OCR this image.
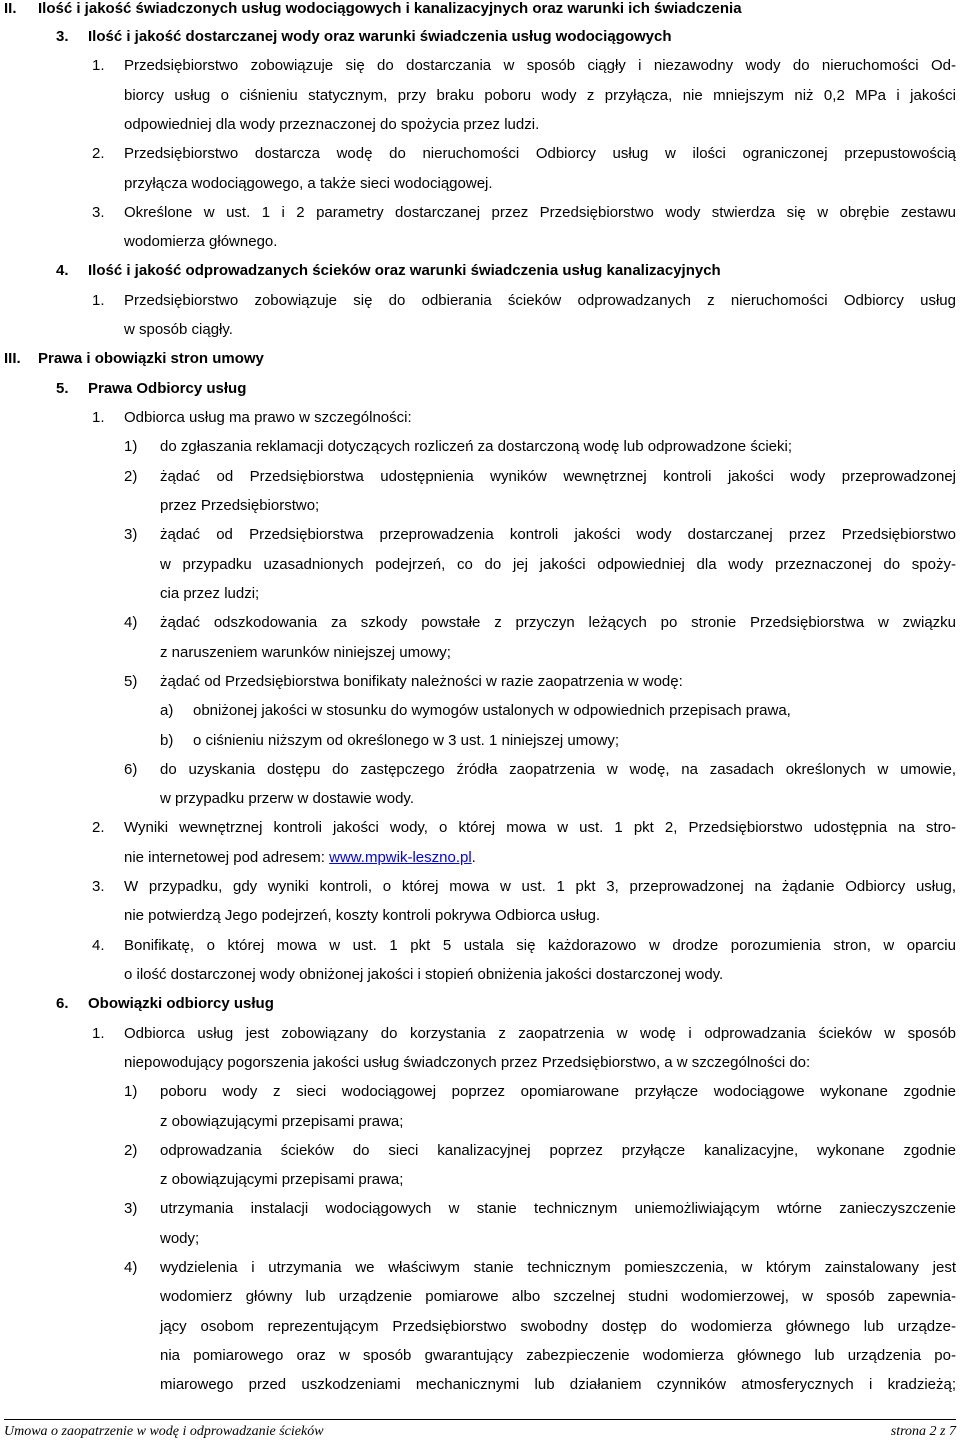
II. Ilość i jakość świadczonych usług wodociągowych i kanalizacyjnych oraz warunki ich świadczenia
3. Ilość i jakość dostarczanej wody oraz warunki świadczenia usług wodociągowych
1. Przedsiębiorstwo zobowiązuje się do dostarczania w sposób ciągły i niezawodny wody do nieruchomości Od-
biorcy usług o ciśnieniu statycznym, przy braku poboru wody z przyłącza, nie mniejszym niż 0,2 MPa i jakości
odpowiedniej dla wody przeznaczonej do spożycia przez ludzi.
2. Przedsiębiorstwo dostarcza wodę do nieruchomości Odbiorcy usług w ilości ograniczonej przepustowością
przyłącza wodociągowego, a także sieci wodociągowej.
3. Określone w ust. 1 i 2 parametry dostarczanej przez Przedsiębiorstwo wody stwierdza się w obrębie zestawu
wodomierza głównego.
4. Ilość i jakość odprowadzanych ścieków oraz warunki świadczenia usług kanalizacyjnych
1. Przedsiębiorstwo zobowiązuje się do odbierania ścieków odprowadzanych z nieruchomości Odbiorcy usług
w sposób ciągły.
III. Prawa i obowiązki stron umowy
5. Prawa Odbiorcy usług
1. Odbiorca usług ma prawo w szczególności:
1) do zgłaszania reklamacji dotyczących rozliczeń za dostarczoną wodę lub odprowadzone ścieki;
2) żądać od Przedsiębiorstwa udostępnienia wyników wewnętrznej kontroli jakości wody przeprowadzonej
przez Przedsiębiorstwo;
3) żądać od Przedsiębiorstwa przeprowadzenia kontroli jakości wody dostarczanej przez Przedsiębiorstwo
w przypadku uzasadnionych podejrzeń, co do jej jakości odpowiedniej dla wody przeznaczonej do spoży-
cia przez ludzi;
4) żądać odszkodowania za szkody powstałe z przyczyn leżących po stronie Przedsiębiorstwa w związku
z naruszeniem warunków niniejszej umowy;
5) żądać od Przedsiębiorstwa bonifikaty należności w razie zaopatrzenia w wodę:
a) obniżonej jakości w stosunku do wymogów ustalonych w odpowiednich przepisach prawa,
b) o ciśnieniu niższym od określonego w 3 ust. 1 niniejszej umowy;
6) do uzyskania dostępu do zastępczego źródła zaopatrzenia w wodę, na zasadach określonych w umowie,
w przypadku przerw w dostawie wody.
2. Wyniki wewnętrznej kontroli jakości wody, o której mowa w ust. 1 pkt 2, Przedsiębiorstwo udostępnia na stro-
nie internetowej pod adresem: www.mpwik-leszno.pl.
3. W przypadku, gdy wyniki kontroli, o której mowa w ust. 1 pkt 3, przeprowadzonej na żądanie Odbiorcy usług,
nie potwierdzą Jego podejrzeń, koszty kontroli pokrywa Odbiorca usług.
4. Bonifikatę, o której mowa w ust. 1 pkt 5 ustala się każdorazowo w drodze porozumienia stron, w oparciu
o ilość dostarczonej wody obniżonej jakości i stopień obniżenia jakości dostarczonej wody.
6. Obowiązki odbiorcy usług
1. Odbiorca usług jest zobowiązany do korzystania z zaopatrzenia w wodę i odprowadzania ścieków w sposób
niepowodujący pogorszenia jakości usług świadczonych przez Przedsiębiorstwo, a w szczególności do:
1) poboru wody z sieci wodociągowej poprzez opomiarowane przyłącze wodociągowe wykonane zgodnie
z obowiązującymi przepisami prawa;
2) odprowadzania ścieków do sieci kanalizacyjnej poprzez przyłącze kanalizacyjne, wykonane zgodnie
z obowiązującymi przepisami prawa;
3) utrzymania instalacji wodociągowych w stanie technicznym uniemożliwiającym wtórne zanieczyszczenie
wody;
4) wydzielenia i utrzymania we właściwym stanie technicznym pomieszczenia, w którym zainstalowany jest
wodomierz główny lub urządzenie pomiarowe albo szczelnej studni wodomierzowej, w sposób zapewnia-
jący osobom reprezentującym Przedsiębiorstwo swobodny dostęp do wodomierza głównego lub urządze-
nia pomiarowego oraz w sposób gwarantujący zabezpieczenie wodomierza głównego lub urządzenia po-
miarowego przed uszkodzeniami mechanicznymi lub działaniem czynników atmosferycznych i kradzieżą;
Umowa o zaopatrzenie w wodę i odprowadzanie ścieków	strona 2 z 7
